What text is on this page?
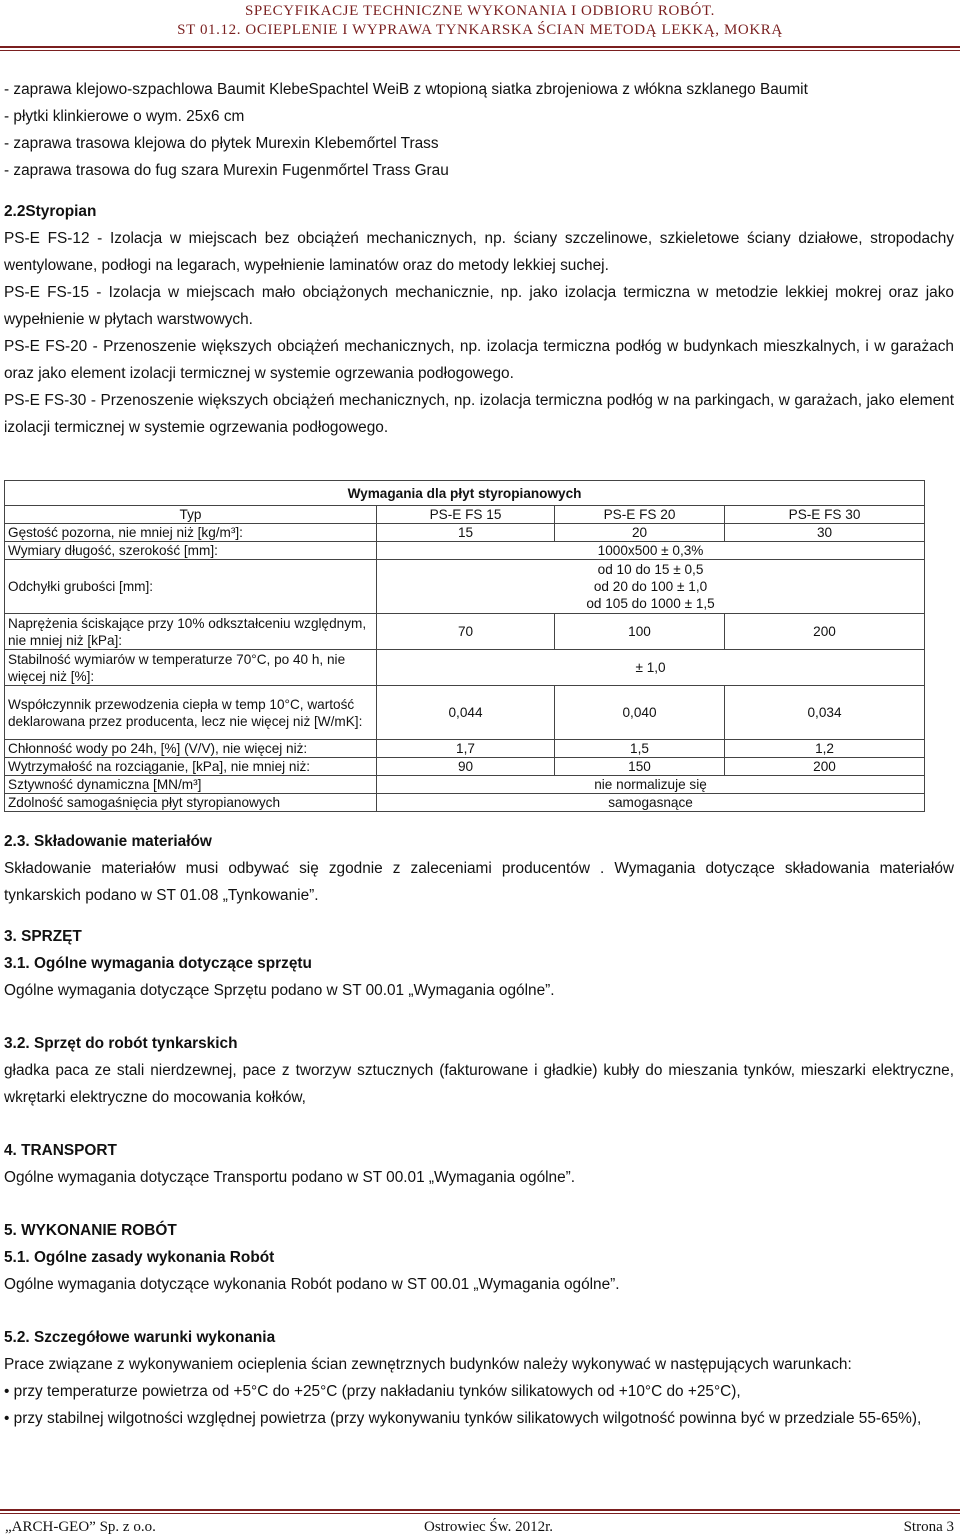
SPECYFIKACJE TECHNICZNE WYKONANIA I ODBIORU ROBÓT.
ST 01.12. OCIEPLENIE I WYPRAWA TYNKARSKA ŚCIAN METODĄ LEKKĄ, MOKRĄ

- zaprawa klejowo-szpachlowa Baumit KlebeSpachtel WeiB z wtopioną siatka zbrojeniowa z włókna szklanego Baumit

- płytki klinkierowe o wym. 25x6 cm

- zaprawa trasowa klejowa do płytek Murexin Klebemőrtel Trass

- zaprawa trasowa do fug szara Murexin Fugenmőrtel Trass Grau

2.2Styropian

PS-E FS-12 - Izolacja w miejscach bez obciążeń mechanicznych, np. ściany szczelinowe, szkieletowe ściany działowe, stropodachy wentylowane, podłogi na legarach, wypełnienie laminatów oraz do metody lekkiej suchej.

PS-E FS-15 - Izolacja w miejscach mało obciążonych mechanicznie, np. jako izolacja termiczna w metodzie lekkiej mokrej oraz jako wypełnienie w płytach warstwowych.

PS-E FS-20 - Przenoszenie większych obciążeń mechanicznych, np. izolacja termiczna podłóg w budynkach mieszkalnych, i w garażach oraz jako element izolacji termicznej w systemie ogrzewania podłogowego.

PS-E FS-30 - Przenoszenie większych obciążeń mechanicznych, np. izolacja termiczna podłóg w na parkingach, w garażach, jako element izolacji termicznej w systemie ogrzewania podłogowego.

Wymagania dla płyt styropianowych			
Typ	PS-E FS 15	PS-E FS 20	PS-E FS 30
Gęstość pozorna, nie mniej niż [kg/m³]:	15	20	30
Wymiary długość, szerokość [mm]:	1000x500 ± 0,3%		
Odchyłki grubości [mm]:	od 10 do 15 ± 0,5
od 20 do 100 ± 1,0
od 105 do 1000 ± 1,5		
Naprężenia ściskające przy 10% odkształceniu względnym, nie mniej niż [kPa]:	70	100	200
Stabilność wymiarów w temperaturze 70°C, po 40 h, nie więcej niż [%]:	± 1,0		
Współczynnik przewodzenia ciepła w temp 10°C, wartość deklarowana przez producenta, lecz nie więcej niż [W/mK]:	0,044	0,040	0,034
Chłonność wody po 24h, [%] (V/V), nie więcej niż:	1,7	1,5	1,2
Wytrzymałość na rozciąganie, [kPa], nie mniej niż:	90	150	200
Sztywność dynamiczna [MN/m³]	nie normalizuje się		
Zdolność samogaśnięcia płyt styropianowych	samogasnące		

2.3. Składowanie materiałów

Składowanie materiałów musi odbywać się zgodnie z zaleceniami producentów . Wymagania dotyczące składowania materiałów tynkarskich podano w ST 01.08 „Tynkowanie”.

3. SPRZĘT

3.1. Ogólne wymagania dotyczące sprzętu

Ogólne wymagania dotyczące Sprzętu podano w ST 00.01 „Wymagania ogólne”.

3.2. Sprzęt do robót tynkarskich

gładka paca ze stali nierdzewnej, pace z tworzyw sztucznych (fakturowane i gładkie) kubły do mieszania tynków, mieszarki elektryczne, wkrętarki elektryczne do mocowania kołków,

4. TRANSPORT

Ogólne wymagania dotyczące Transportu podano w ST 00.01 „Wymagania ogólne”.

5. WYKONANIE ROBÓT

5.1. Ogólne zasady wykonania Robót

Ogólne wymagania dotyczące wykonania Robót podano w ST 00.01 „Wymagania ogólne”.

5.2. Szczegółowe warunki wykonania

Prace związane z wykonywaniem ocieplenia ścian zewnętrznych budynków należy wykonywać w następujących warunkach:

• przy temperaturze powietrza od +5°C do +25°C (przy nakładaniu tynków silikatowych od +10°C do +25°C),

• przy stabilnej wilgotności względnej powietrza (przy wykonywaniu tynków silikatowych wilgotność powinna być w przedziale 55-65%),

„ARCH-GEO” Sp. z o.o.	Ostrowiec Św. 2012r.	Strona 3
